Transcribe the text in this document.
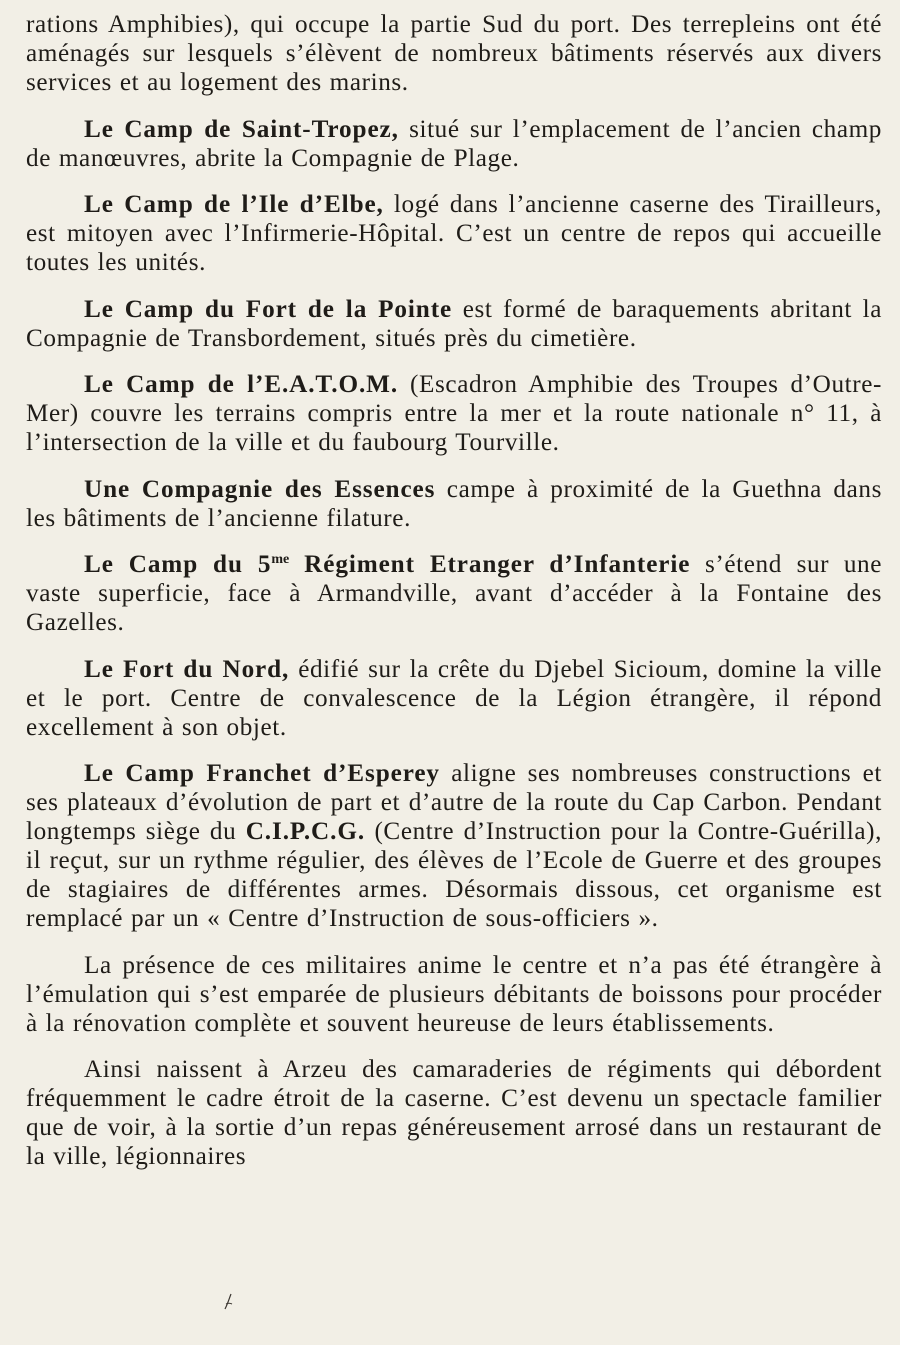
rations Amphibies), qui occupe la partie Sud du port. Des terrepleins ont été aménagés sur lesquels s’élèvent de nombreux bâtiments réservés aux divers services et au logement des marins.

Le Camp de Saint-Tropez, situé sur l’emplacement de l’ancien champ de manœuvres, abrite la Compagnie de Plage.

Le Camp de l’Ile d’Elbe, logé dans l’ancienne caserne des Tirailleurs, est mitoyen avec l’Infirmerie-Hôpital. C’est un centre de repos qui accueille toutes les unités.

Le Camp du Fort de la Pointe est formé de baraquements abritant la Compagnie de Transbordement, situés près du cimetière.

Le Camp de l’E.A.T.O.M. (Escadron Amphibie des Troupes d’Outre-Mer) couvre les terrains compris entre la mer et la route nationale n° 11, à l’intersection de la ville et du faubourg Tourville.

Une Compagnie des Essences campe à proximité de la Guethna dans les bâtiments de l’ancienne filature.

Le Camp du $5^{me}$ Régiment Etranger d’Infanterie s’étend sur une vaste superficie, face à Armandville, avant d’accéder à la Fontaine des Gazelles.

Le Fort du Nord, édifié sur la crête du Djebel Sicioum, domine la ville et le port. Centre de convalescence de la Légion étrangère, il répond excellement à son objet.

Le Camp Franchet d’Esperey aligne ses nombreuses constructions et ses plateaux d’évolution de part et d’autre de la route du Cap Carbon. Pendant longtemps siège du C.I.P.C.G. (Centre d’Instruction pour la Contre-Guérilla), il reçut, sur un rythme régulier, des élèves de l’Ecole de Guerre et des groupes de stagiaires de différentes armes. Désormais dissous, cet organisme est remplacé par un « Centre d’Instruction de sous-officiers ».

La présence de ces militaires anime le centre et n’a pas été étrangère à l’émulation qui s’est emparée de plusieurs débitants de boissons pour procéder à la rénovation complète et souvent heureuse de leurs établissements.

Ainsi naissent à Arzeu des camaraderies de régiments qui débordent fréquemment le cadre étroit de la caserne. C’est devenu un spectacle familier que de voir, à la sortie d’un repas généreusement arrosé dans un restaurant de la ville, légionnaires
